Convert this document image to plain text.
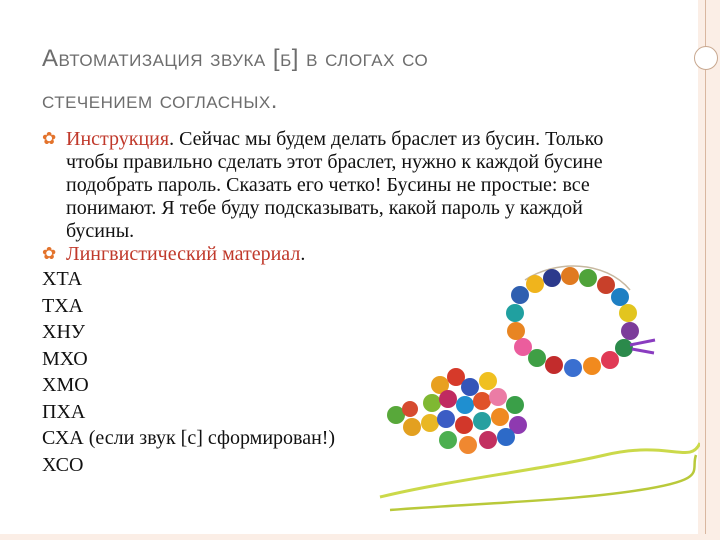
Автоматизация звука [б] в слогах со
стечением согласных.
✿ Инструкция. Сейчас мы будем делать браслет из бусин. Только чтобы правильно сделать этот браслет, нужно к каждой бусине подобрать пароль. Сказать его четко! Бусины не простые: все понимают. Я тебе буду подсказывать, какой пароль у каждой бусины.
✿ Лингвистический материал.
ХТА
ТХА
ХНУ
МХО
ХМО
ПХА
СХА (если звук [с] сформирован!)
ХСО
